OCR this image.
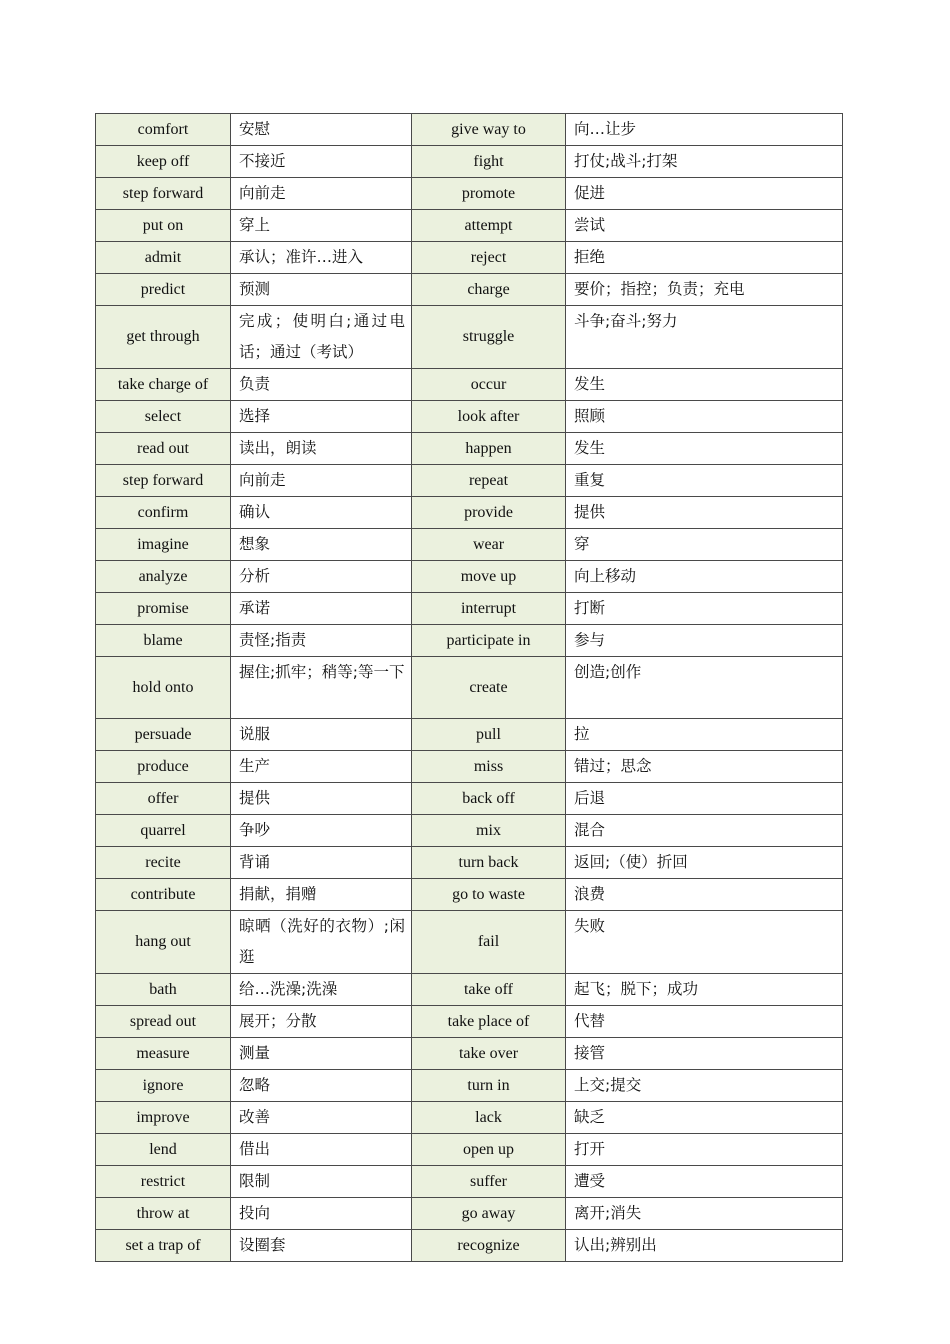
comfort	安慰	give way to	向…让步
keep off	不接近	fight	打仗;战斗;打架
step forward	向前走	promote	促进
put on	穿上	attempt	尝试
admit	承认；准许…进入	reject	拒绝
predict	预测	charge	要价；指控；负责；充电
get through	完成；使明白;通过电话；通过（考试）	struggle	斗争;奋斗;努力
take charge of	负责	occur	发生
select	选择	look after	照顾
read out	读出，朗读	happen	发生
step forward	向前走	repeat	重复
confirm	确认	provide	提供
imagine	想象	wear	穿
analyze	分析	move up	向上移动
promise	承诺	interrupt	打断
blame	责怪;指责	participate in	参与
hold onto	握住;抓牢；稍等;等一下	create	创造;创作
persuade	说服	pull	拉
produce	生产	miss	错过；思念
offer	提供	back off	后退
quarrel	争吵	mix	混合
recite	背诵	turn back	返回;（使）折回
contribute	捐献，捐赠	go to waste	浪费
hang out	晾晒（洗好的衣物）;闲逛	fail	失败
bath	给…洗澡;洗澡	take off	起飞；脱下；成功
spread out	展开；分散	take place of	代替
measure	测量	take over	接管
ignore	忽略	turn in	上交;提交
improve	改善	lack	缺乏
lend	借出	open up	打开
restrict	限制	suffer	遭受
throw at	投向	go away	离开;消失
set a trap of	设圈套	recognize	认出;辨别出
